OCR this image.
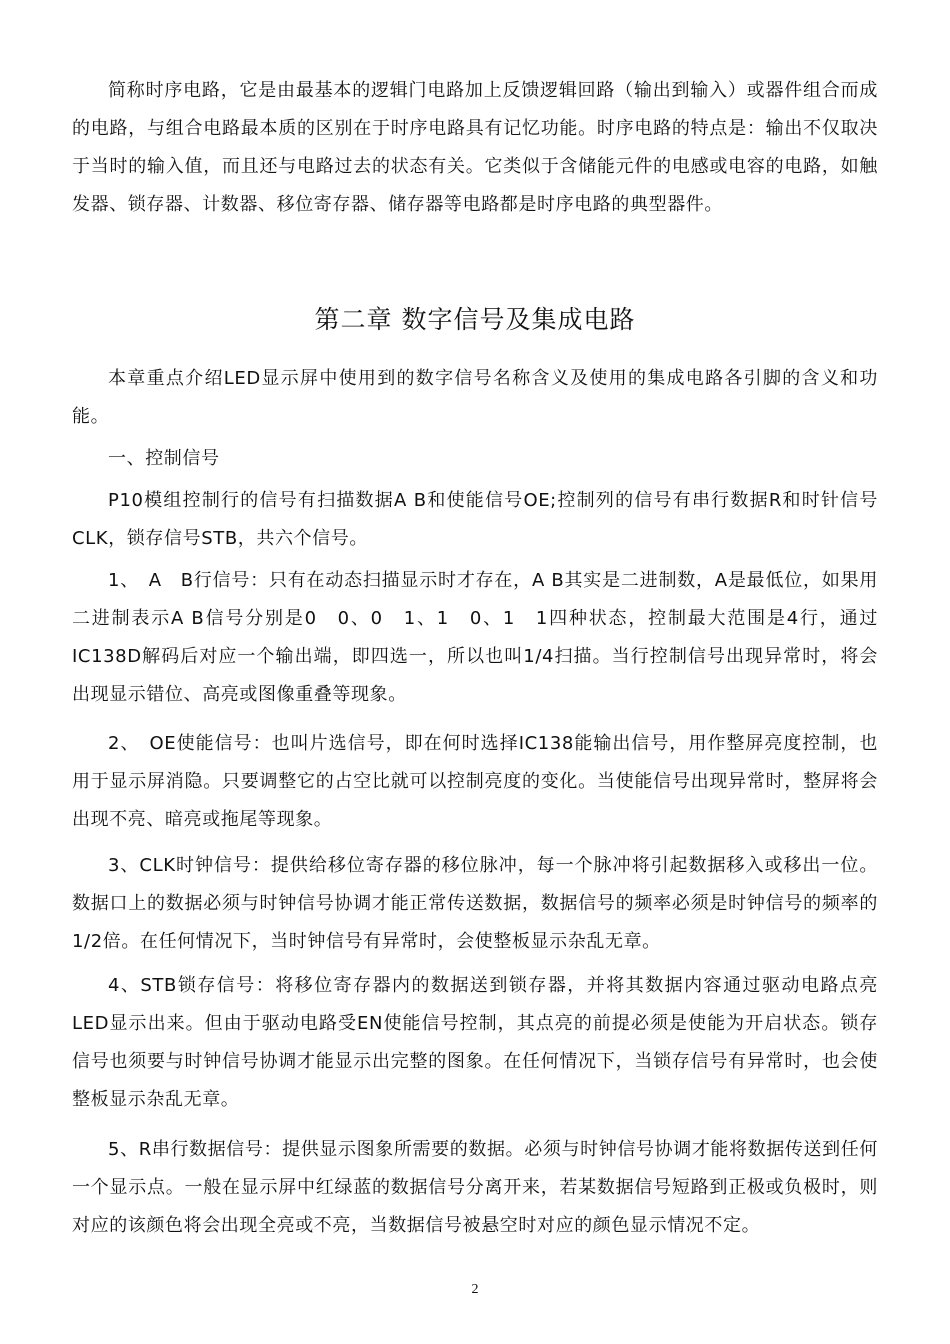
简称时序电路，它是由最基本的逻辑门电路加上反馈逻辑回路（输出到输入）或器件组合而成的电路，与组合电路最本质的区别在于时序电路具有记忆功能。时序电路的特点是：输出不仅取决于当时的输入值，而且还与电路过去的状态有关。它类似于含储能元件的电感或电容的电路，如触发器、锁存器、计数器、移位寄存器、储存器等电路都是时序电路的典型器件。

第二章 数字信号及集成电路

本章重点介绍LED显示屏中使用到的数字信号名称含义及使用的集成电路各引脚的含义和功能。

一、控制信号

P10模组控制行的信号有扫描数据A B和使能信号OE;控制列的信号有串行数据R和时针信号CLK，锁存信号STB，共六个信号。

1、　A　B行信号：只有在动态扫描显示时才存在，A B其实是二进制数，A是最低位，如果用二进制表示A B信号分别是0　0、0　1、1　0、1　1四种状态，控制最大范围是4行，通过IC138D解码后对应一个输出端，即四选一，所以也叫1/4扫描。当行控制信号出现异常时，将会出现显示错位、高亮或图像重叠等现象。

2、　OE使能信号：也叫片选信号，即在何时选择IC138能输出信号，用作整屏亮度控制，也用于显示屏消隐。只要调整它的占空比就可以控制亮度的变化。当使能信号出现异常时，整屏将会出现不亮、暗亮或拖尾等现象。

3、CLK时钟信号：提供给移位寄存器的移位脉冲，每一个脉冲将引起数据移入或移出一位。数据口上的数据必须与时钟信号协调才能正常传送数据，数据信号的频率必须是时钟信号的频率的1/2倍。在任何情况下，当时钟信号有异常时，会使整板显示杂乱无章。

4、STB锁存信号：将移位寄存器内的数据送到锁存器，并将其数据内容通过驱动电路点亮LED显示出来。但由于驱动电路受EN使能信号控制，其点亮的前提必须是使能为开启状态。锁存信号也须要与时钟信号协调才能显示出完整的图象。在任何情况下，当锁存信号有异常时，也会使整板显示杂乱无章。

5、R串行数据信号：提供显示图象所需要的数据。必须与时钟信号协调才能将数据传送到任何一个显示点。一般在显示屏中红绿蓝的数据信号分离开来，若某数据信号短路到正极或负极时，则对应的该颜色将会出现全亮或不亮，当数据信号被悬空时对应的颜色显示情况不定。

2
